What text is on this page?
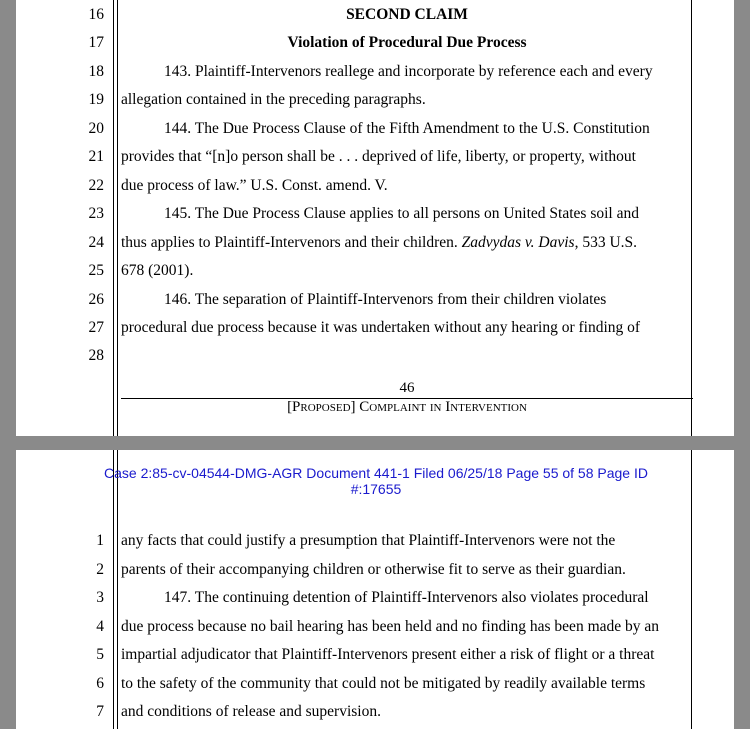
16	SECOND CLAIM
17	Violation of Procedural Due Process
18	143. Plaintiff-Intervenors reallege and incorporate by reference each and every
19 allegation contained in the preceding paragraphs.
20	144. The Due Process Clause of the Fifth Amendment to the U.S. Constitution
21 provides that “[n]o person shall be . . . deprived of life, liberty, or property, without
22 due process of law.” U.S. Const. amend. V.
23	145. The Due Process Clause applies to all persons on United States soil and
24 thus applies to Plaintiff-Intervenors and their children. Zadvydas v. Davis, 533 U.S.
25 678 (2001).
26	146. The separation of Plaintiff-Intervenors from their children violates
27 procedural due process because it was undertaken without any hearing or finding of
28
46
[Proposed] Complaint in Intervention
Case 2:85-cv-04544-DMG-AGR Document 441-1 Filed 06/25/18 Page 55 of 58 Page ID
#:17655
1 any facts that could justify a presumption that Plaintiff-Intervenors were not the
2 parents of their accompanying children or otherwise fit to serve as their guardian.
3	147. The continuing detention of Plaintiff-Intervenors also violates procedural
4 due process because no bail hearing has been held and no finding has been made by an
5 impartial adjudicator that Plaintiff-Intervenors present either a risk of flight or a threat
6 to the safety of the community that could not be mitigated by readily available terms
7 and conditions of release and supervision.
